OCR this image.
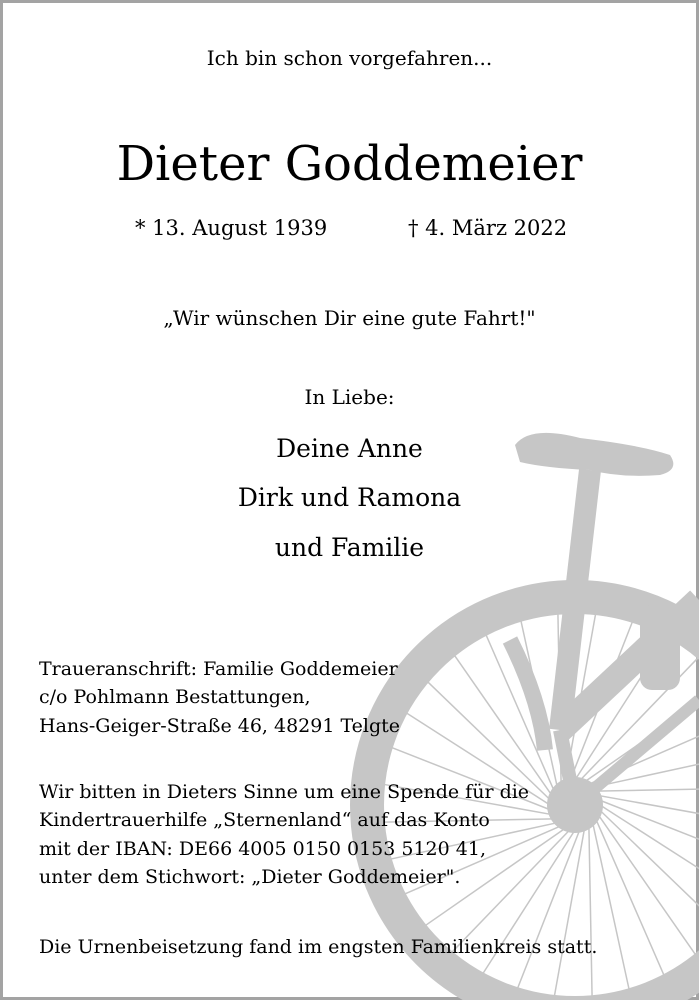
Ich bin schon vorgefahren...
Dieter Goddemeier
* 13. August 1939	† 4. März 2022
„Wir wünschen Dir eine gute Fahrt!"
In Liebe:
Deine Anne
Dirk und Ramona
und Familie
Traueranschrift: Familie Goddemeier
c/o Pohlmann Bestattungen,
Hans-Geiger-Straße 46, 48291 Telgte
Wir bitten in Dieters Sinne um eine Spende für die
Kindertrauerhilfe „Sternenland“ auf das Konto
mit der IBAN: DE66 4005 0150 0153 5120 41,
unter dem Stichwort: „Dieter Goddemeier".
Die Urnenbeisetzung fand im engsten Familienkreis statt.
